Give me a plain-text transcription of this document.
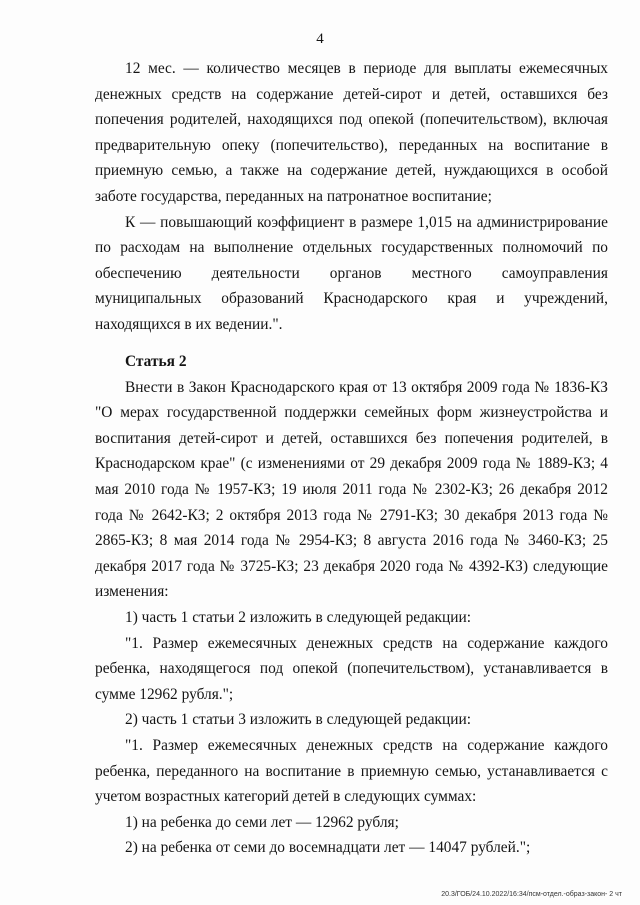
4

12 мес. — количество месяцев в периоде для выплаты ежемесячных денежных средств на содержание детей-сирот и детей, оставшихся без попечения родителей, находящихся под опекой (попечительством), включая предварительную опеку (попечительство), переданных на воспитание в приемную семью, а также на содержание детей, нуждающихся в особой заботе государства, переданных на патронатное воспитание;

К — повышающий коэффициент в размере 1,015 на администрирование по расходам на выполнение отдельных государственных полномочий по обеспечению деятельности органов местного самоуправления муниципальных образований Краснодарского края и учреждений, находящихся в их ведении.".

Статья 2

Внести в Закон Краснодарского края от 13 октября 2009 года № 1836-КЗ "О мерах государственной поддержки семейных форм жизнеустройства и воспитания детей-сирот и детей, оставшихся без попечения родителей, в Краснодарском крае" (с изменениями от 29 декабря 2009 года № 1889-КЗ; 4 мая 2010 года № 1957-КЗ; 19 июля 2011 года № 2302-КЗ; 26 декабря 2012 года № 2642-КЗ; 2 октября 2013 года № 2791-КЗ; 30 декабря 2013 года № 2865-КЗ; 8 мая 2014 года № 2954-КЗ; 8 августа 2016 года № 3460-КЗ; 25 декабря 2017 года № 3725-КЗ; 23 декабря 2020 года № 4392-КЗ) следующие изменения:

1) часть 1 статьи 2 изложить в следующей редакции:

"1. Размер ежемесячных денежных средств на содержание каждого ребенка, находящегося под опекой (попечительством), устанавливается в сумме 12962 рубля.";

2) часть 1 статьи 3 изложить в следующей редакции:

"1. Размер ежемесячных денежных средств на содержание каждого ребенка, переданного на воспитание в приемную семью, устанавливается с учетом возрастных категорий детей в следующих суммах:

1) на ребенка до семи лет — 12962 рубля;

2) на ребенка от семи до восемнадцати лет — 14047 рублей.";

20.3/ГОБ/24.10.2022/16:34/псм-отдел.-образ-закон- 2 чт
